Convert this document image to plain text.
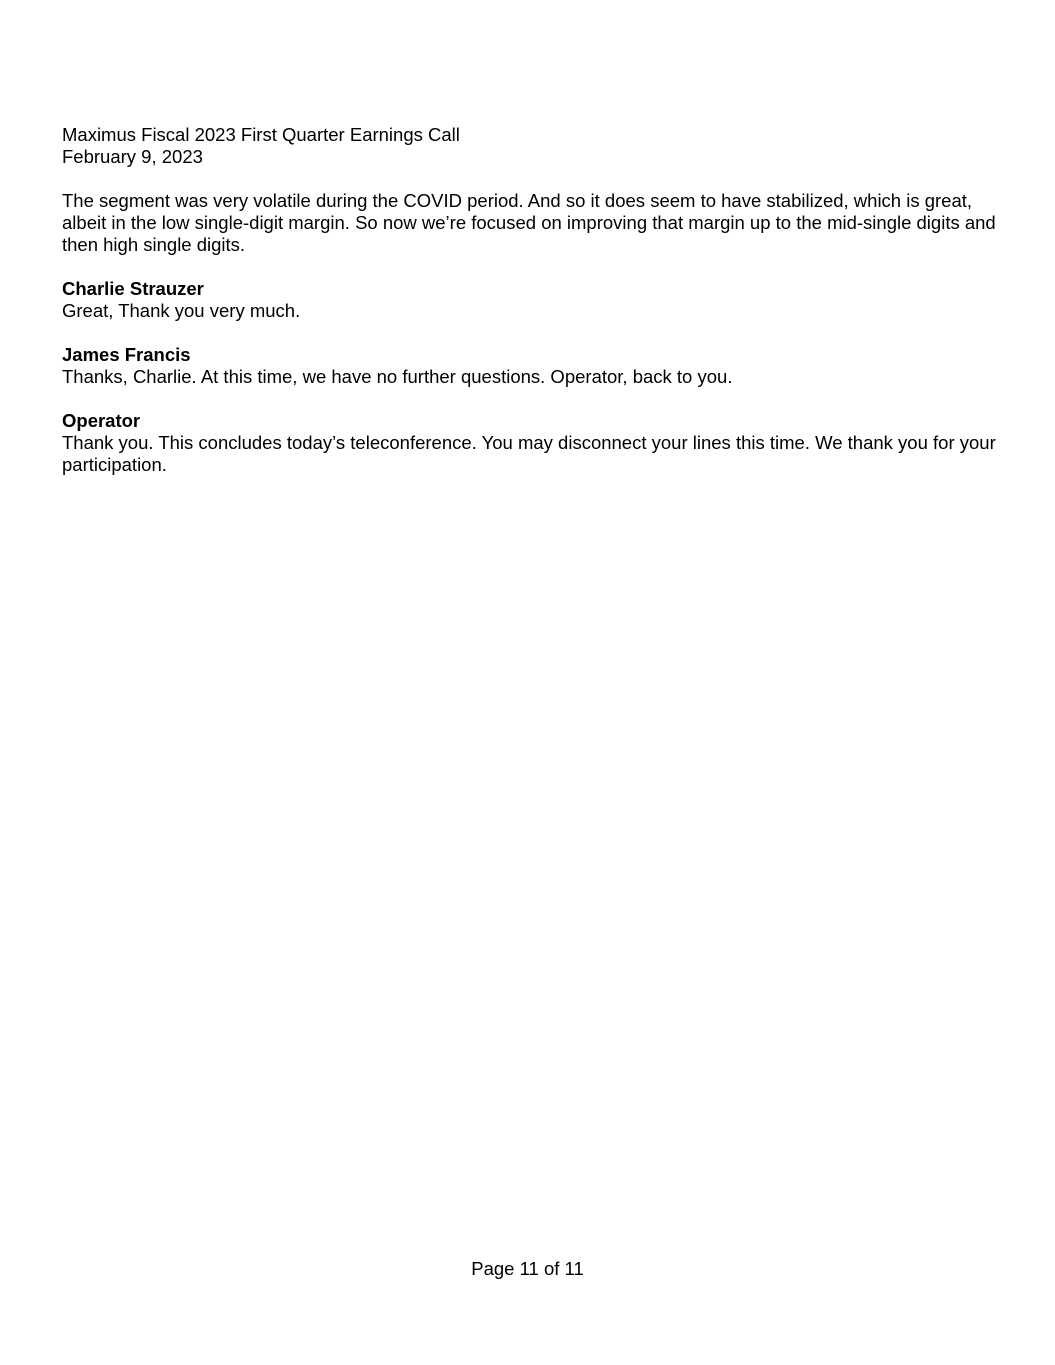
Maximus Fiscal 2023 First Quarter Earnings Call
February 9, 2023
The segment was very volatile during the COVID period. And so it does seem to have stabilized, which is great, albeit in the low single-digit margin. So now we’re focused on improving that margin up to the mid-single digits and then high single digits.
Charlie Strauzer
Great, Thank you very much.
James Francis
Thanks, Charlie. At this time, we have no further questions. Operator, back to you.
Operator
Thank you. This concludes today’s teleconference. You may disconnect your lines this time. We thank you for your participation.
Page 11 of 11
